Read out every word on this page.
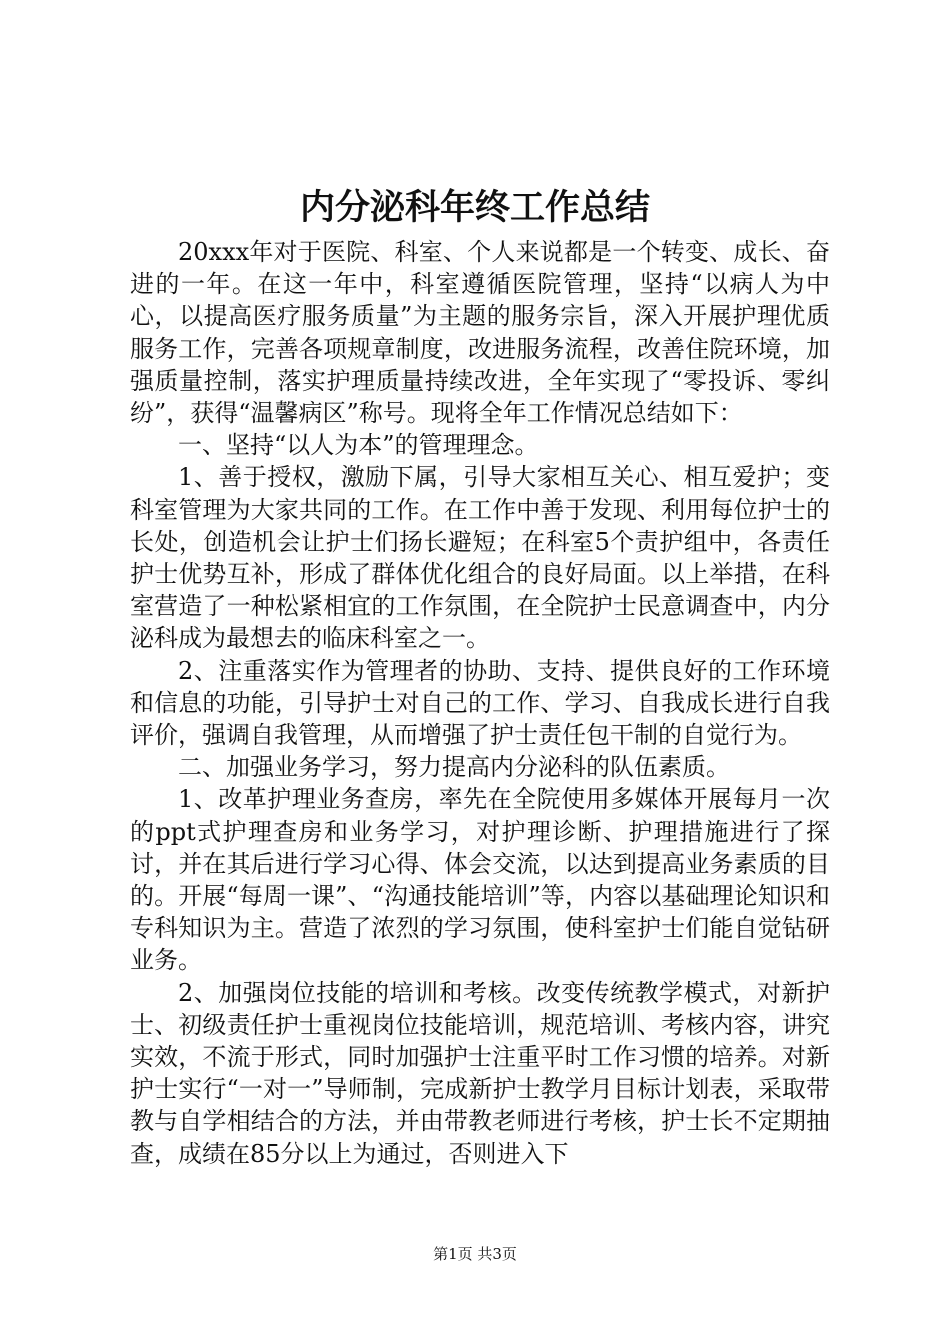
内分泌科年终工作总结

20xxx年对于医院、科室、个人来说都是一个转变、成长、奋进的一年。在这一年中，科室遵循医院管理，坚持“以病人为中心，以提高医疗服务质量”为主题的服务宗旨，深入开展护理优质服务工作，完善各项规章制度，改进服务流程，改善住院环境，加强质量控制，落实护理质量持续改进，全年实现了“零投诉、零纠纷”，获得“温馨病区”称号。现将全年工作情况总结如下：

一、坚持“以人为本”的管理理念。

1、善于授权，激励下属，引导大家相互关心、相互爱护；变科室管理为大家共同的工作。在工作中善于发现、利用每位护士的长处，创造机会让护士们扬长避短；在科室5个责护组中，各责任护士优势互补，形成了群体优化组合的良好局面。以上举措，在科室营造了一种松紧相宜的工作氛围，在全院护士民意调查中，内分泌科成为最想去的临床科室之一。

2、注重落实作为管理者的协助、支持、提供良好的工作环境和信息的功能，引导护士对自己的工作、学习、自我成长进行自我评价，强调自我管理，从而增强了护士责任包干制的自觉行为。

二、加强业务学习，努力提高内分泌科的队伍素质。

1、改革护理业务查房，率先在全院使用多媒体开展每月一次的ppt式护理查房和业务学习，对护理诊断、护理措施进行了探讨，并在其后进行学习心得、体会交流，以达到提高业务素质的目的。开展“每周一课”、“沟通技能培训”等，内容以基础理论知识和专科知识为主。营造了浓烈的学习氛围，使科室护士们能自觉钻研业务。

2、加强岗位技能的培训和考核。改变传统教学模式，对新护士、初级责任护士重视岗位技能培训，规范培训、考核内容，讲究实效，不流于形式，同时加强护士注重平时工作习惯的培养。对新护士实行“一对一”导师制，完成新护士教学月目标计划表，采取带教与自学相结合的方法，并由带教老师进行考核，护士长不定期抽查，成绩在85分以上为通过，否则进入下

第1页 共3页
